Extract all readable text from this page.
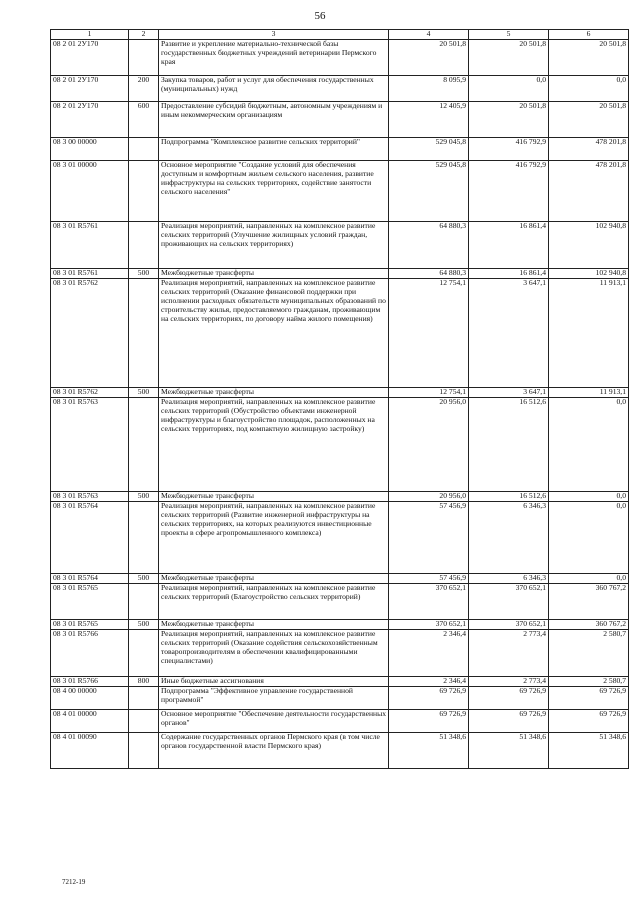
56
1	2	3	4	5	6
08 2 01 2У170		Развитие и укрепление материально-технической базы государственных бюджетных учреждений ветеринарии Пермского края	20 501,8	20 501,8	20 501,8
08 2 01 2У170	200	Закупка товаров, работ и услуг для обеспечения государственных (муниципальных) нужд	8 095,9	0,0	0,0
08 2 01 2У170	600	Предоставление субсидий бюджетным, автономным учреждениям и иным некоммерческим организациям	12 405,9	20 501,8	20 501,8
08 3 00 00000		Подпрограмма "Комплексное развитие сельских территорий"	529 045,8	416 792,9	478 201,8
08 3 01 00000		Основное мероприятие "Создание условий для обеспечения доступным и комфортным жильем сельского населения, развитие инфраструктуры на сельских территориях, содействие занятости сельского населения"	529 045,8	416 792,9	478 201,8
08 3 01 R5761		Реализация мероприятий, направленных на комплексное развитие сельских территорий (Улучшение жилищных условий граждан, проживающих на сельских территориях)	64 880,3	16 861,4	102 940,8
08 3 01 R5761	500	Межбюджетные трансферты	64 880,3	16 861,4	102 940,8
08 3 01 R5762		Реализация мероприятий, направленных на комплексное развитие сельских территорий (Оказание финансовой поддержки при исполнении расходных обязательств муниципальных образований по строительству жилья, предоставляемого гражданам, проживающим на сельских территориях, по договору найма жилого помещения)	12 754,1	3 647,1	11 913,1
08 3 01 R5762	500	Межбюджетные трансферты	12 754,1	3 647,1	11 913,1
08 3 01 R5763		Реализация мероприятий, направленных на комплексное развитие сельских территорий (Обустройство объектами инженерной инфраструктуры и благоустройство площадок, расположенных на сельских территориях, под компактную жилищную застройку)	20 956,0	16 512,6	0,0
08 3 01 R5763	500	Межбюджетные трансферты	20 956,0	16 512,6	0,0
08 3 01 R5764		Реализация мероприятий, направленных на комплексное развитие сельских территорий (Развитие инженерной инфраструктуры на сельских территориях, на которых реализуются инвестиционные проекты в сфере агропромышленного комплекса)	57 456,9	6 346,3	0,0
08 3 01 R5764	500	Межбюджетные трансферты	57 456,9	6 346,3	0,0
08 3 01 R5765		Реализация мероприятий, направленных на комплексное развитие сельских территорий (Благоустройство сельских территорий)	370 652,1	370 652,1	360 767,2
08 3 01 R5765	500	Межбюджетные трансферты	370 652,1	370 652,1	360 767,2
08 3 01 R5766		Реализация мероприятий, направленных на комплексное развитие сельских территорий (Оказание содействия сельскохозяйственным товаропроизводителям в обеспечении квалифицированными специалистами)	2 346,4	2 773,4	2 580,7
08 3 01 R5766	800	Иные бюджетные ассигнования	2 346,4	2 773,4	2 580,7
08 4 00 00000		Подпрограмма "Эффективное управление государственной программой"	69 726,9	69 726,9	69 726,9
08 4 01 00000		Основное мероприятие "Обеспечение деятельности государственных органов"	69 726,9	69 726,9	69 726,9
08 4 01 00090		Содержание государственных органов Пермского края (в том числе органов государственной власти Пермского края)	51 348,6	51 348,6	51 348,6
7212-19
